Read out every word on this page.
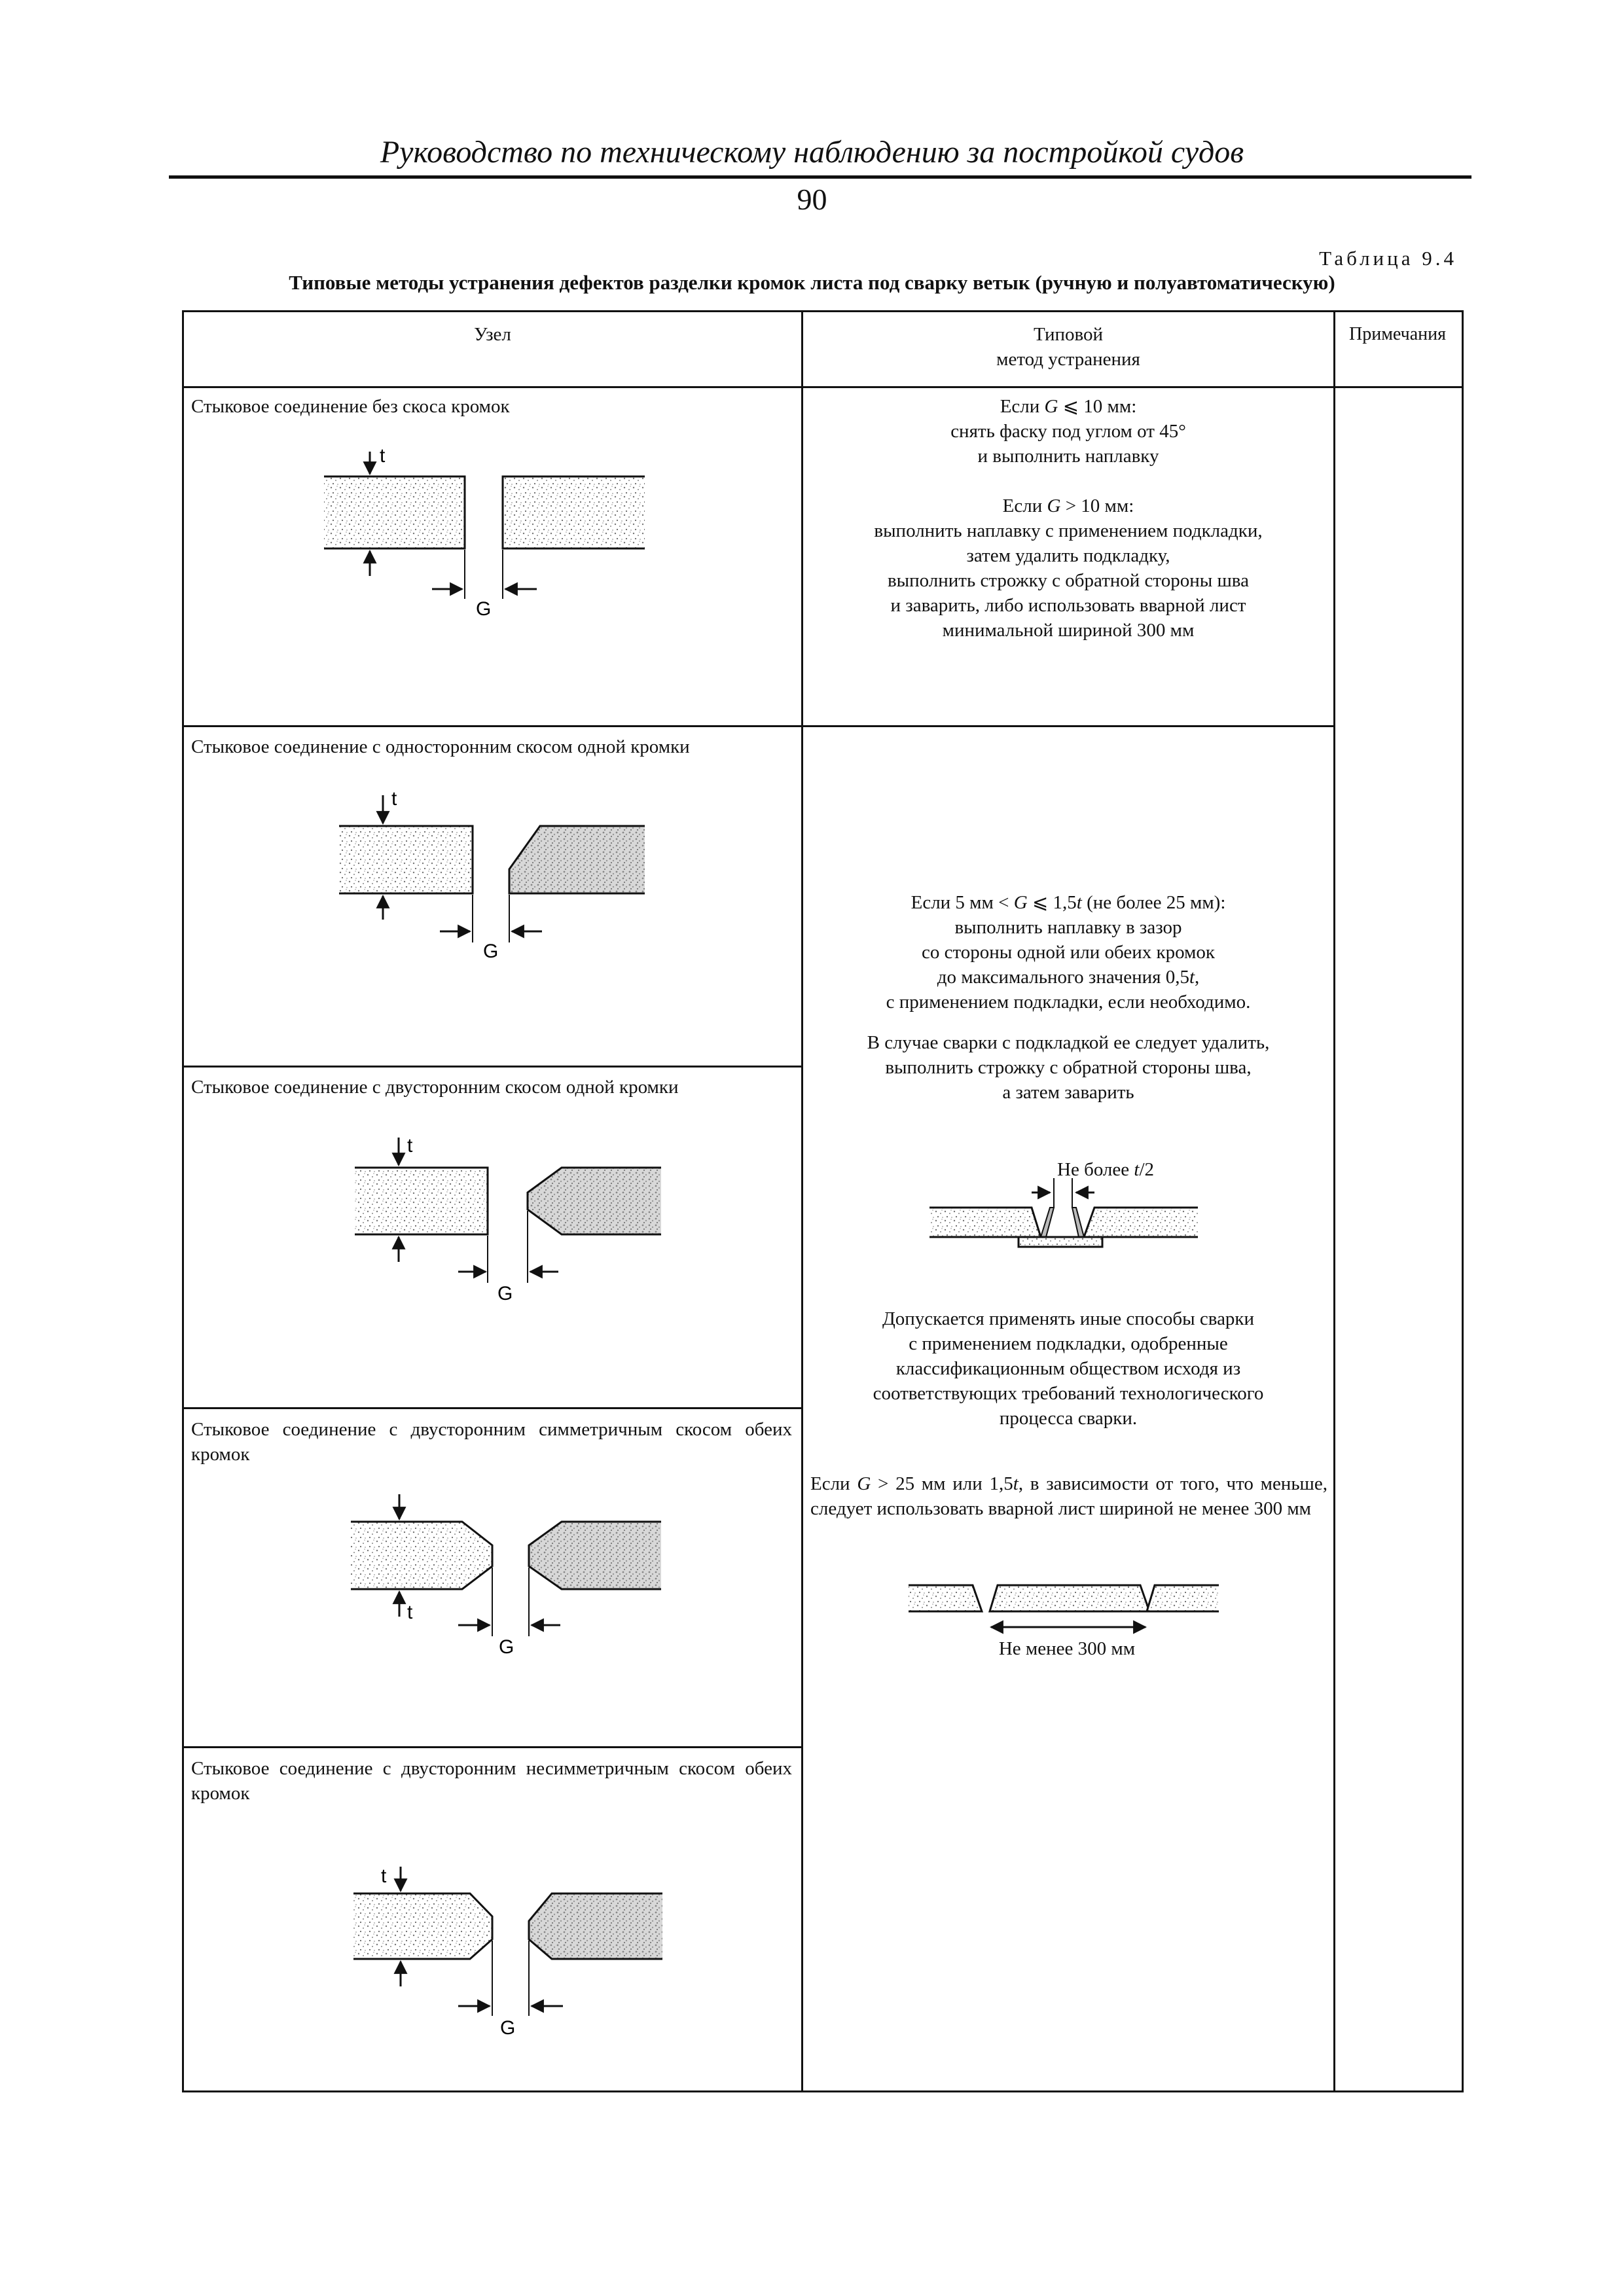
Руководство по техническому наблюдению за постройкой судов
90
Таблица 9.4
Типовые методы устранения дефектов разделки кромок листа под сварку ветык (ручную и полуавтоматическую)
Узел	Типовой
метод устранения
Примечания
Стыковое соединение без скоса кромок
Стыковое соединение с односторонним скосом одной кромки
Стыковое соединение с двусторонним скосом одной кромки
Стыковое соединение с двусторонним симметричным скосом обеих кромок
Стыковое соединение с двусторонним несимметричным скосом обеих кромок
Если G ⩽ 10 мм:
снять фаску под углом от 45°
и выполнить наплавку
Если G > 10 мм:
выполнить наплавку с применением подкладки,
затем удалить подкладку,
выполнить строжку с обратной стороны шва
и заварить, либо использовать вварной лист
минимальной шириной 300 мм
Если 5 мм < G ⩽ 1,5t (не более 25 мм):
выполнить наплавку в зазор
со стороны одной или обеих кромок
до максимального значения 0,5t,
с применением подкладки, если необходимо.
В случае сварки с подкладкой ее следует удалить,
выполнить строжку с обратной стороны шва,
а затем заварить
Не более t/2
Допускается применять иные способы сварки
с применением подкладки, одобренные
классификационным обществом исходя из
соответствующих требований технологического
процесса сварки.
Если G > 25 мм или 1,5t, в зависимости от того, что меньше, следует использовать вварной лист шириной не менее 300 мм
Не менее 300 мм
t
G
t
G
t
G
t
G
t
G
